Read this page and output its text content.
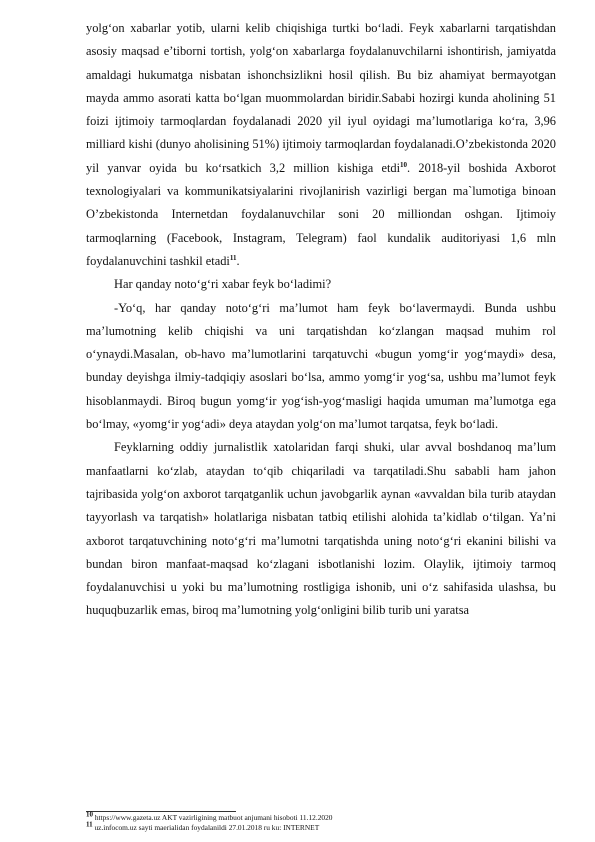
yolg‘on xabarlar yotib, ularni kelib chiqishiga turtki bo‘ladi. Feyk xabarlarni tarqatishdan asosiy maqsad e’tiborni tortish, yolg‘on xabarlarga foydalanuvchilarni ishontirish, jamiyatda amaldagi hukumatga nisbatan ishonchsizlikni hosil qilish. Bu biz ahamiyat bermayotgan mayda ammo asorati katta bo‘lgan muommolardan biridir.Sababi hozirgi kunda aholining 51 foizi ijtimoiy tarmoqlardan foydalanadi 2020 yil iyul oyidagi ma’lumotlariga ko‘ra, 3,96 milliard kishi (dunyo aholisining 51%) ijtimoiy tarmoqlardan foydalanadi.O’zbekistonda 2020 yil yanvar oyida bu ko‘rsatkich 3,2 million kishiga etdi$^{10}$. 2018-yil boshida Axborot texnologiyalari va kommunikatsiyalarini rivojlanirish vazirligi bergan ma`lumotiga binoan O’zbekistonda Internetdan foydalanuvchilar soni 20 milliondan oshgan. Ijtimoiy tarmoqlarning (Facebook, Instagram, Telegram) faol kundalik auditoriyasi 1,6 mln foydalanuvchini tashkil etadi$^{11}$.

Har qanday noto‘g‘ri xabar feyk bo‘ladimi?

-Yo‘q, har qanday noto‘g‘ri ma’lumot ham feyk bo‘lavermaydi. Bunda ushbu ma’lumotning kelib chiqishi va uni tarqatishdan ko‘zlangan maqsad muhim rol o‘ynaydi.Masalan, ob-havo ma’lumotlarini tarqatuvchi «bugun yomg‘ir yog‘maydi» desa, bunday deyishga ilmiy-tadqiqiy asoslari bo‘lsa, ammo yomg‘ir yog‘sa, ushbu ma’lumot feyk hisoblanmaydi. Biroq bugun yomg‘ir yog‘ish-yog‘masligi haqida umuman ma’lumotga ega bo‘lmay, «yomg‘ir yog‘adi» deya ataydan yolg‘on ma’lumot tarqatsa, feyk bo‘ladi.

Feyklarning oddiy jurnalistlik xatolaridan farqi shuki, ular avval boshdanoq ma’lum manfaatlarni ko‘zlab, ataydan to‘qib chiqariladi va tarqatiladi.Shu sababli ham jahon tajribasida yolg‘on axborot tarqatganlik uchun javobgarlik aynan «avvaldan bila turib ataydan tayyorlash va tarqatish» holatlariga nisbatan tatbiq etilishi alohida ta’kidlab o‘tilgan. Ya’ni axborot tarqatuvchining noto‘g‘ri ma’lumotni tarqatishda uning noto‘g‘ri ekanini bilishi va bundan biron manfaat-maqsad ko‘zlagani isbotlanishi lozim. Olaylik, ijtimoiy tarmoq foydalanuvchisi u yoki bu ma’lumotning rostligiga ishonib, uni o‘z sahifasida ulashsa, bu huquqbuzarlik emas, biroq ma’lumotning yolg‘onligini bilib turib uni yaratsa

$^{10}$ https://www.gazeta.uz AKT vazirligining matbuot anjumani hisoboti 11.12.2020

$^{11}$ uz.infocom.uz sayti maerialidan foydalanildi 27.01.2018 ru ku: INTERNET
